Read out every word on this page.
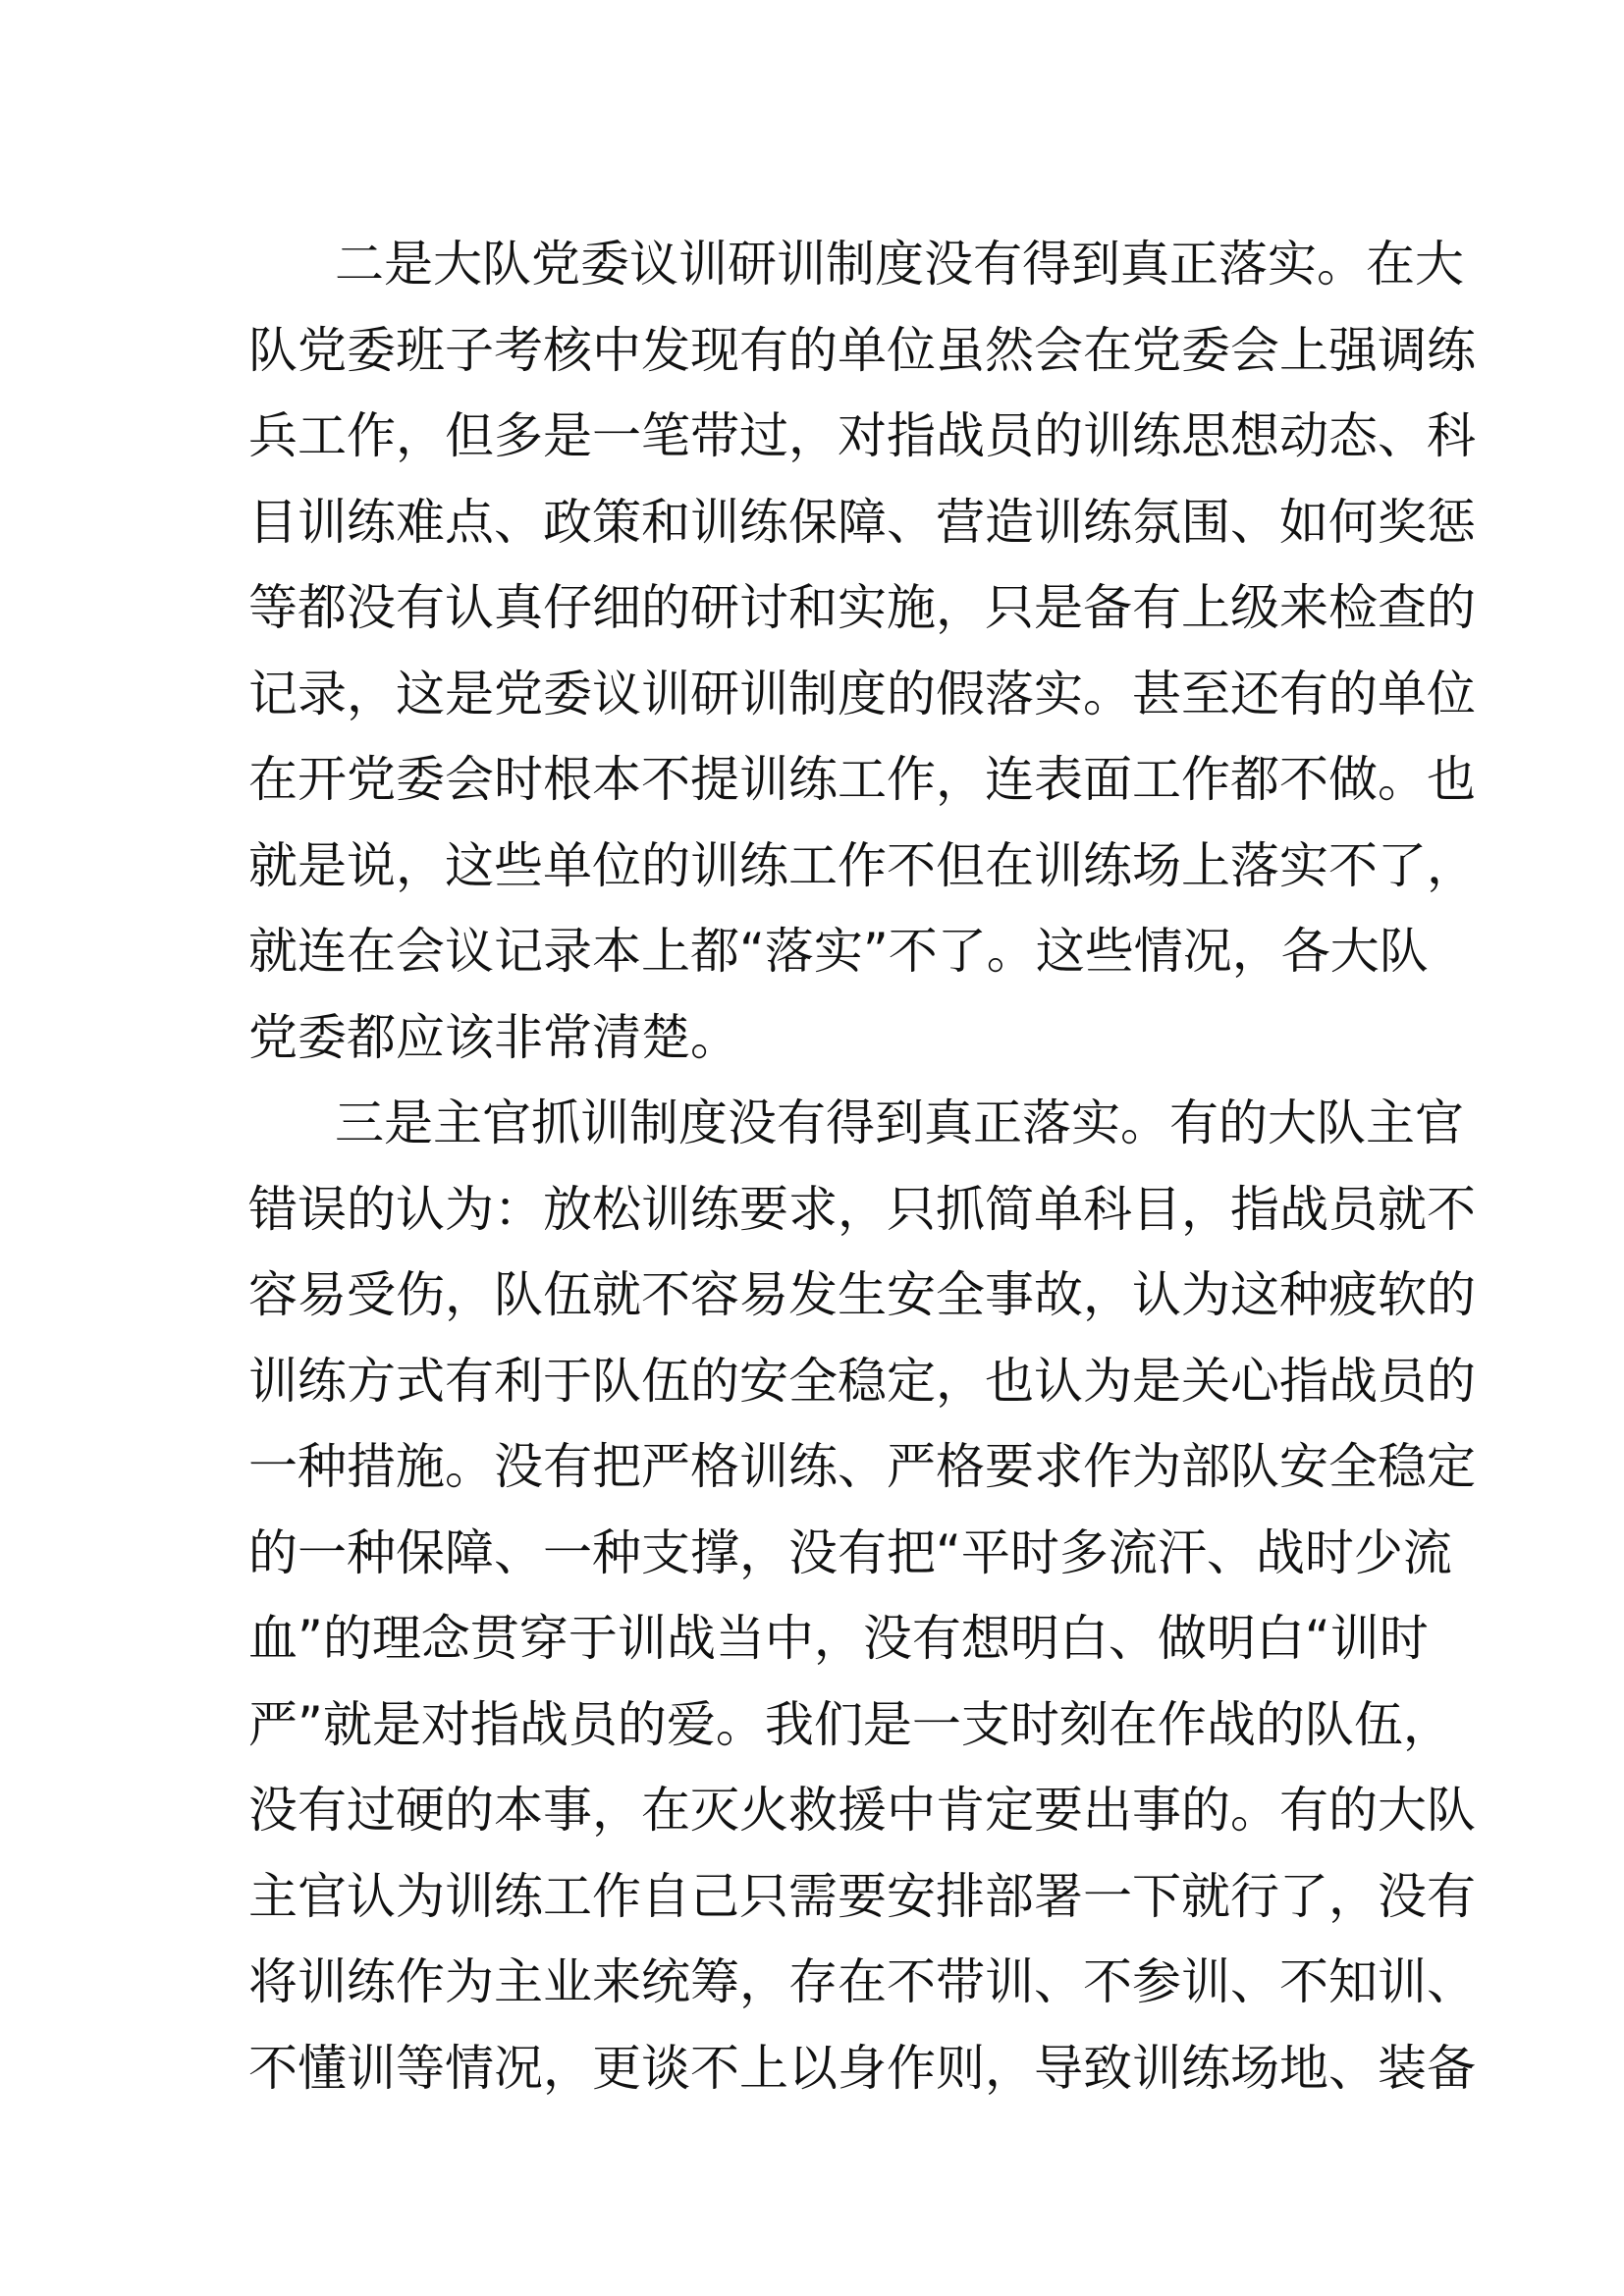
二是大队党委议训研训制度没有得到真正落实。在大
队党委班子考核中发现有的单位虽然会在党委会上强调练
兵工作，但多是一笔带过，对指战员的训练思想动态、科
目训练难点、政策和训练保障、营造训练氛围、如何奖惩
等都没有认真仔细的研讨和实施，只是备有上级来检查的
记录，这是党委议训研训制度的假落实。甚至还有的单位
在开党委会时根本不提训练工作，连表面工作都不做。也
就是说，这些单位的训练工作不但在训练场上落实不了，
就连在会议记录本上都“落实”不了。这些情况，各大队
党委都应该非常清楚。
三是主官抓训制度没有得到真正落实。有的大队主官
错误的认为：放松训练要求，只抓简单科目，指战员就不
容易受伤，队伍就不容易发生安全事故，认为这种疲软的
训练方式有利于队伍的安全稳定，也认为是关心指战员的
一种措施。没有把严格训练、严格要求作为部队安全稳定
的一种保障、一种支撑，没有把“平时多流汗、战时少流
血”的理念贯穿于训战当中，没有想明白、做明白“训时
严”就是对指战员的爱。我们是一支时刻在作战的队伍，
没有过硬的本事，在灭火救援中肯定要出事的。有的大队
主官认为训练工作自己只需要安排部署一下就行了，没有
将训练作为主业来统筹，存在不带训、不参训、不知训、
不懂训等情况，更谈不上以身作则，导致训练场地、装备
